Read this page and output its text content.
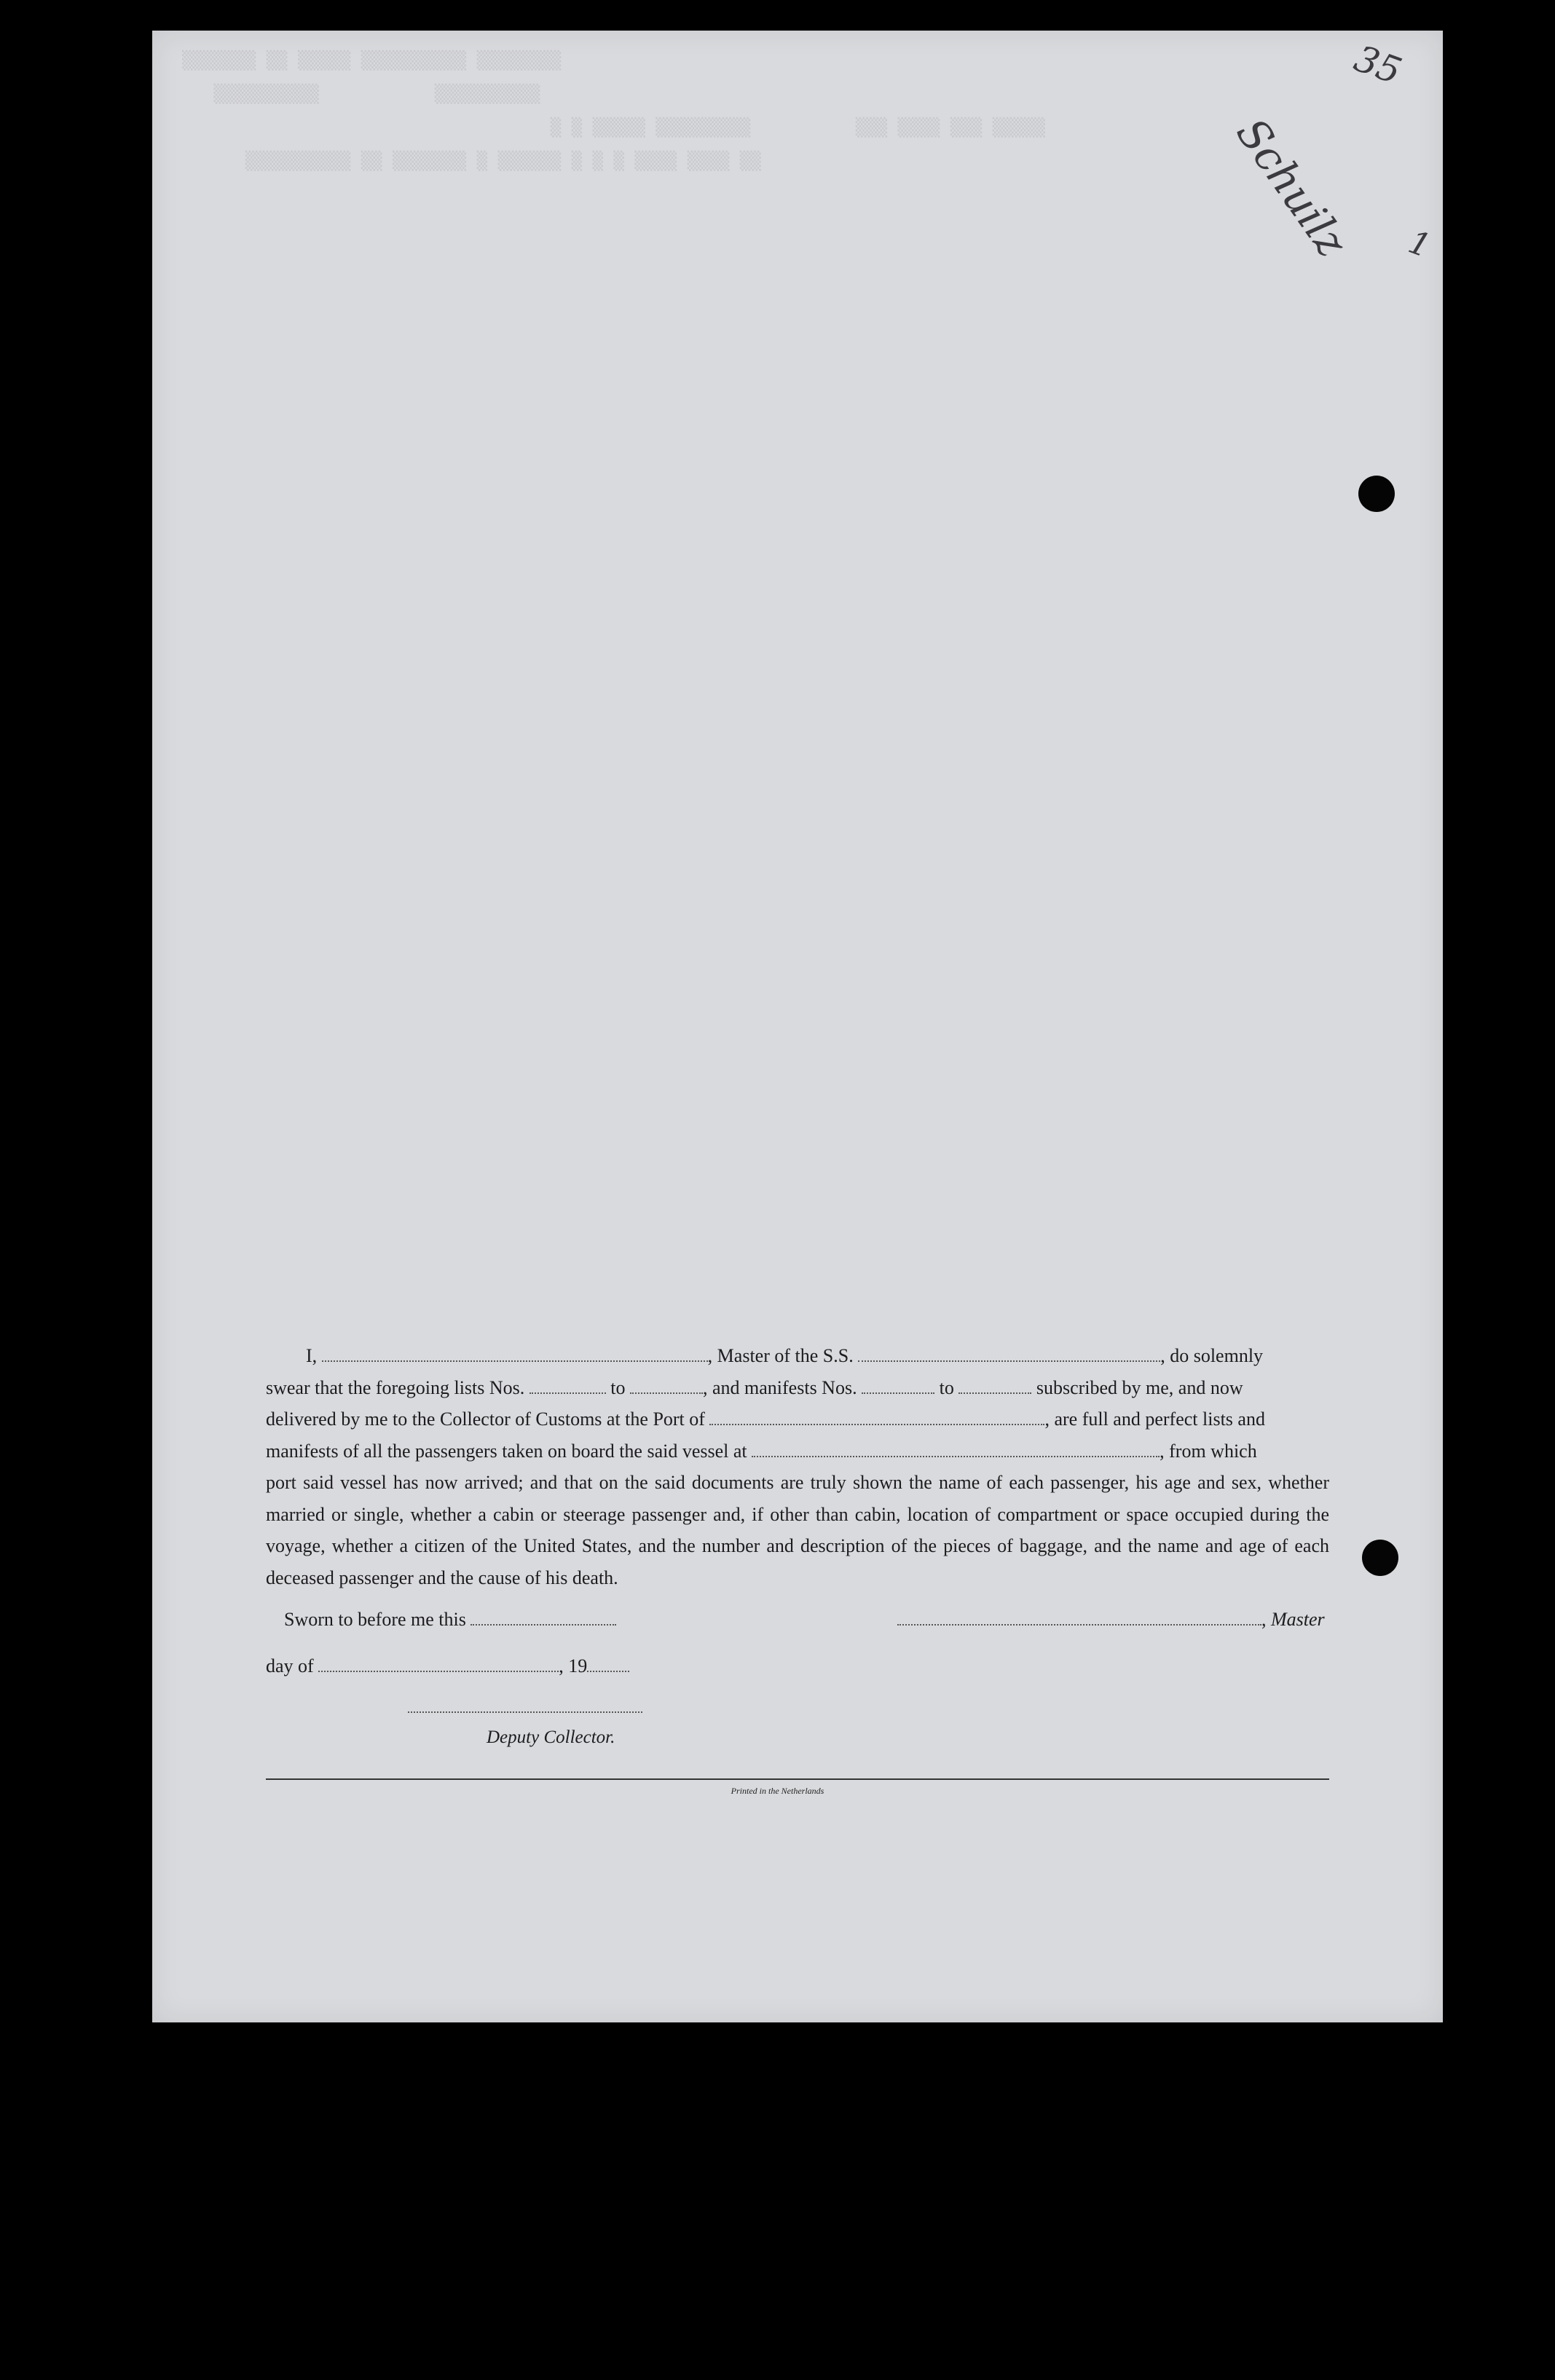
▒▒▒▒▒▒▒ ▒▒ ▒▒▒▒▒ ▒▒▒▒▒▒▒▒▒▒ ▒▒▒▒▒▒▒▒
▒▒▒▒▒▒▒▒▒▒           ▒▒▒▒▒▒▒▒▒▒
▒ ▒ ▒▒▒▒▒ ▒▒▒▒▒▒▒▒▒          ▒▒▒ ▒▒▒▒ ▒▒▒ ▒▒▒▒▒
▒▒▒▒▒▒▒▒▒▒ ▒▒ ▒▒▒▒▒▒▒ ▒ ▒▒▒▒▒▒ ▒ ▒ ▒ ▒▒▒▒ ▒▒▒▒ ▒▒
35
Schuilz 1

I,	, Master of the S.S.	, do solemnly

swear that the foregoing lists Nos.	to	, and manifests Nos.	to	subscribed by me, and now

delivered by me to the Collector of Customs at the Port of	, are full and perfect lists and

manifests of all the passengers taken on board the said vessel at	, from which

port said vessel has now arrived; and that on the said documents are truly shown the name of each passenger, his age and sex, whether married or single, whether a cabin or steerage passenger and, if other than cabin, location of compartment or space occupied during the voyage, whether a citizen of the United States, and the number and description of the pieces of baggage, and the name and age of each deceased passenger and the cause of his death.

Sworn to before me this	, Master
day of	, 19
Deputy Collector.
Printed in the Netherlands
